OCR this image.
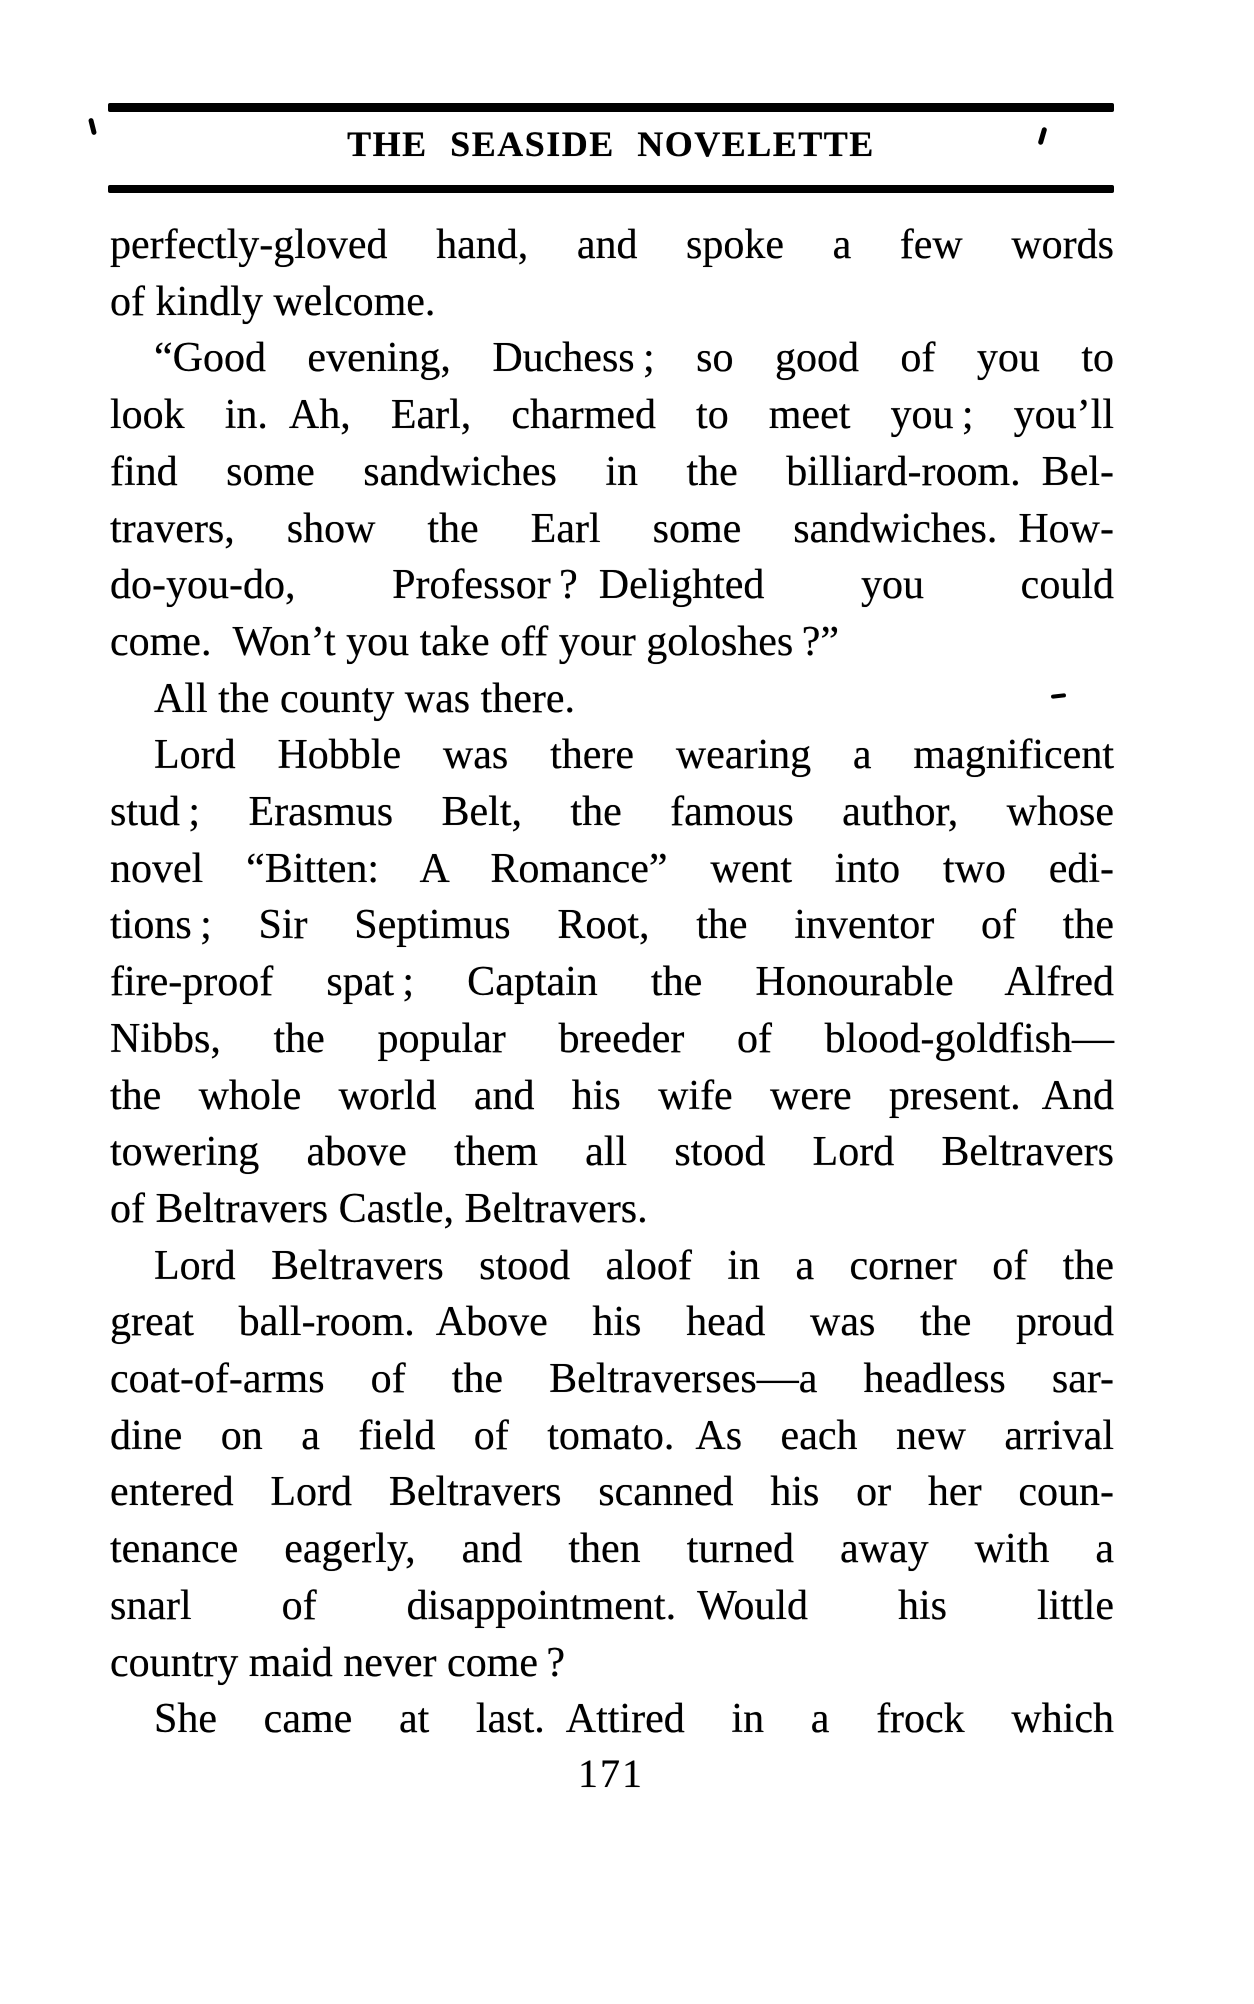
THE SEASIDE NOVELETTE
perfectly-gloved hand, and spoke a few words
of kindly welcome.
“Good evening, Duchess ; so good of you to
look in. Ah, Earl, charmed to meet you ; you’ll
find some sandwiches in the billiard-room. Bel-
travers, show the Earl some sandwiches. How-
do-you-do, Professor ? Delighted you could
come. Won’t you take off your goloshes ?”
All the county was there.
Lord Hobble was there wearing a magnificent
stud ; Erasmus Belt, the famous author, whose
novel “Bitten: A Romance” went into two edi-
tions ; Sir Septimus Root, the inventor of the
fire-proof spat ; Captain the Honourable Alfred
Nibbs, the popular breeder of blood-goldfish—
the whole world and his wife were present. And
towering above them all stood Lord Beltravers
of Beltravers Castle, Beltravers.
Lord Beltravers stood aloof in a corner of the
great ball-room. Above his head was the proud
coat-of-arms of the Beltraverses—a headless sar-
dine on a field of tomato. As each new arrival
entered Lord Beltravers scanned his or her coun-
tenance eagerly, and then turned away with a
snarl of disappointment. Would his little
country maid never come ?
She came at last. Attired in a frock which
171
